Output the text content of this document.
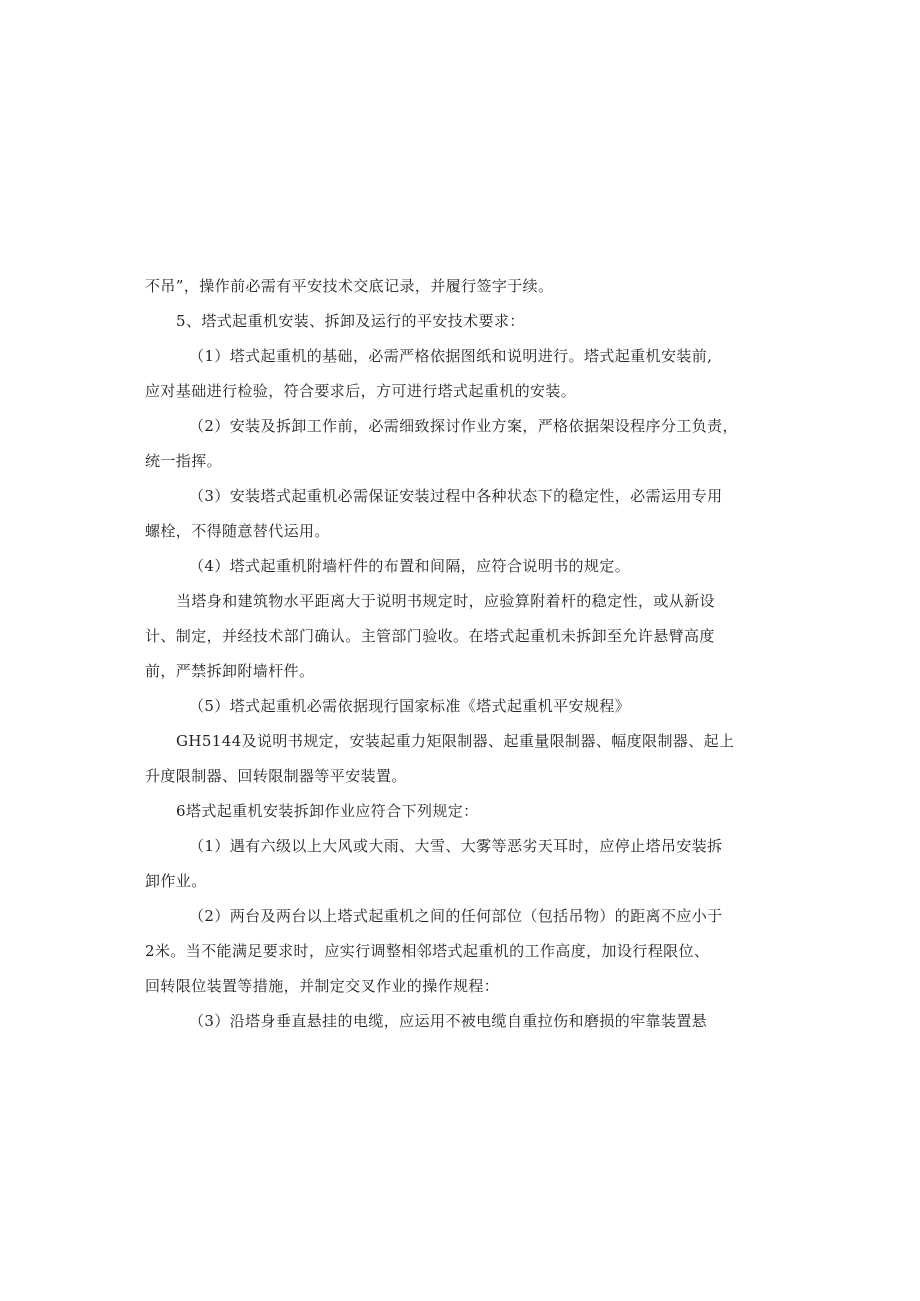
不吊”，操作前必需有平安技术交底记录，并履行签字于续。
5、塔式起重机安装、拆卸及运行的平安技术要求：
（1）塔式起重机的基础，必需严格依据图纸和说明进行。塔式起重机安装前,
应对基础进行检验，符合要求后，方可进行塔式起重机的安装。
（2）安装及拆卸工作前，必需细致探讨作业方案，严格依据架设程序分工负责，
统一指挥。
（3）安装塔式起重机必需保证安装过程中各种状态下的稳定性，必需运用专用
螺栓，不得随意替代运用。
（4）塔式起重机附墙杆件的布置和间隔，应符合说明书的规定。
当塔身和建筑物水平距离大于说明书规定时，应验算附着杆的稳定性，或从新设
计、制定，并经技术部门确认。主管部门验收。在塔式起重机未拆卸至允许悬臂高度
前，严禁拆卸附墙杆件。
（5）塔式起重机必需依据现行国家标准《塔式起重机平安规程》
GH5144及说明书规定，安装起重力矩限制器、起重量限制器、幅度限制器、起上
升度限制器、回转限制器等平安装置。
6塔式起重机安装拆卸作业应符合下列规定：
（1）遇有六级以上大风或大雨、大雪、大雾等恶劣天耳时，应停止塔吊安装拆
卸作业。
（2）两台及两台以上塔式起重机之间的任何部位（包括吊物）的距离不应小于
2米。当不能满足要求时，应实行调整相邻塔式起重机的工作高度，加设行程限位、
回转限位装置等措施，并制定交叉作业的操作规程：
（3）沿塔身垂直悬挂的电缆，应运用不被电缆自重拉伤和磨损的牢靠装置悬
